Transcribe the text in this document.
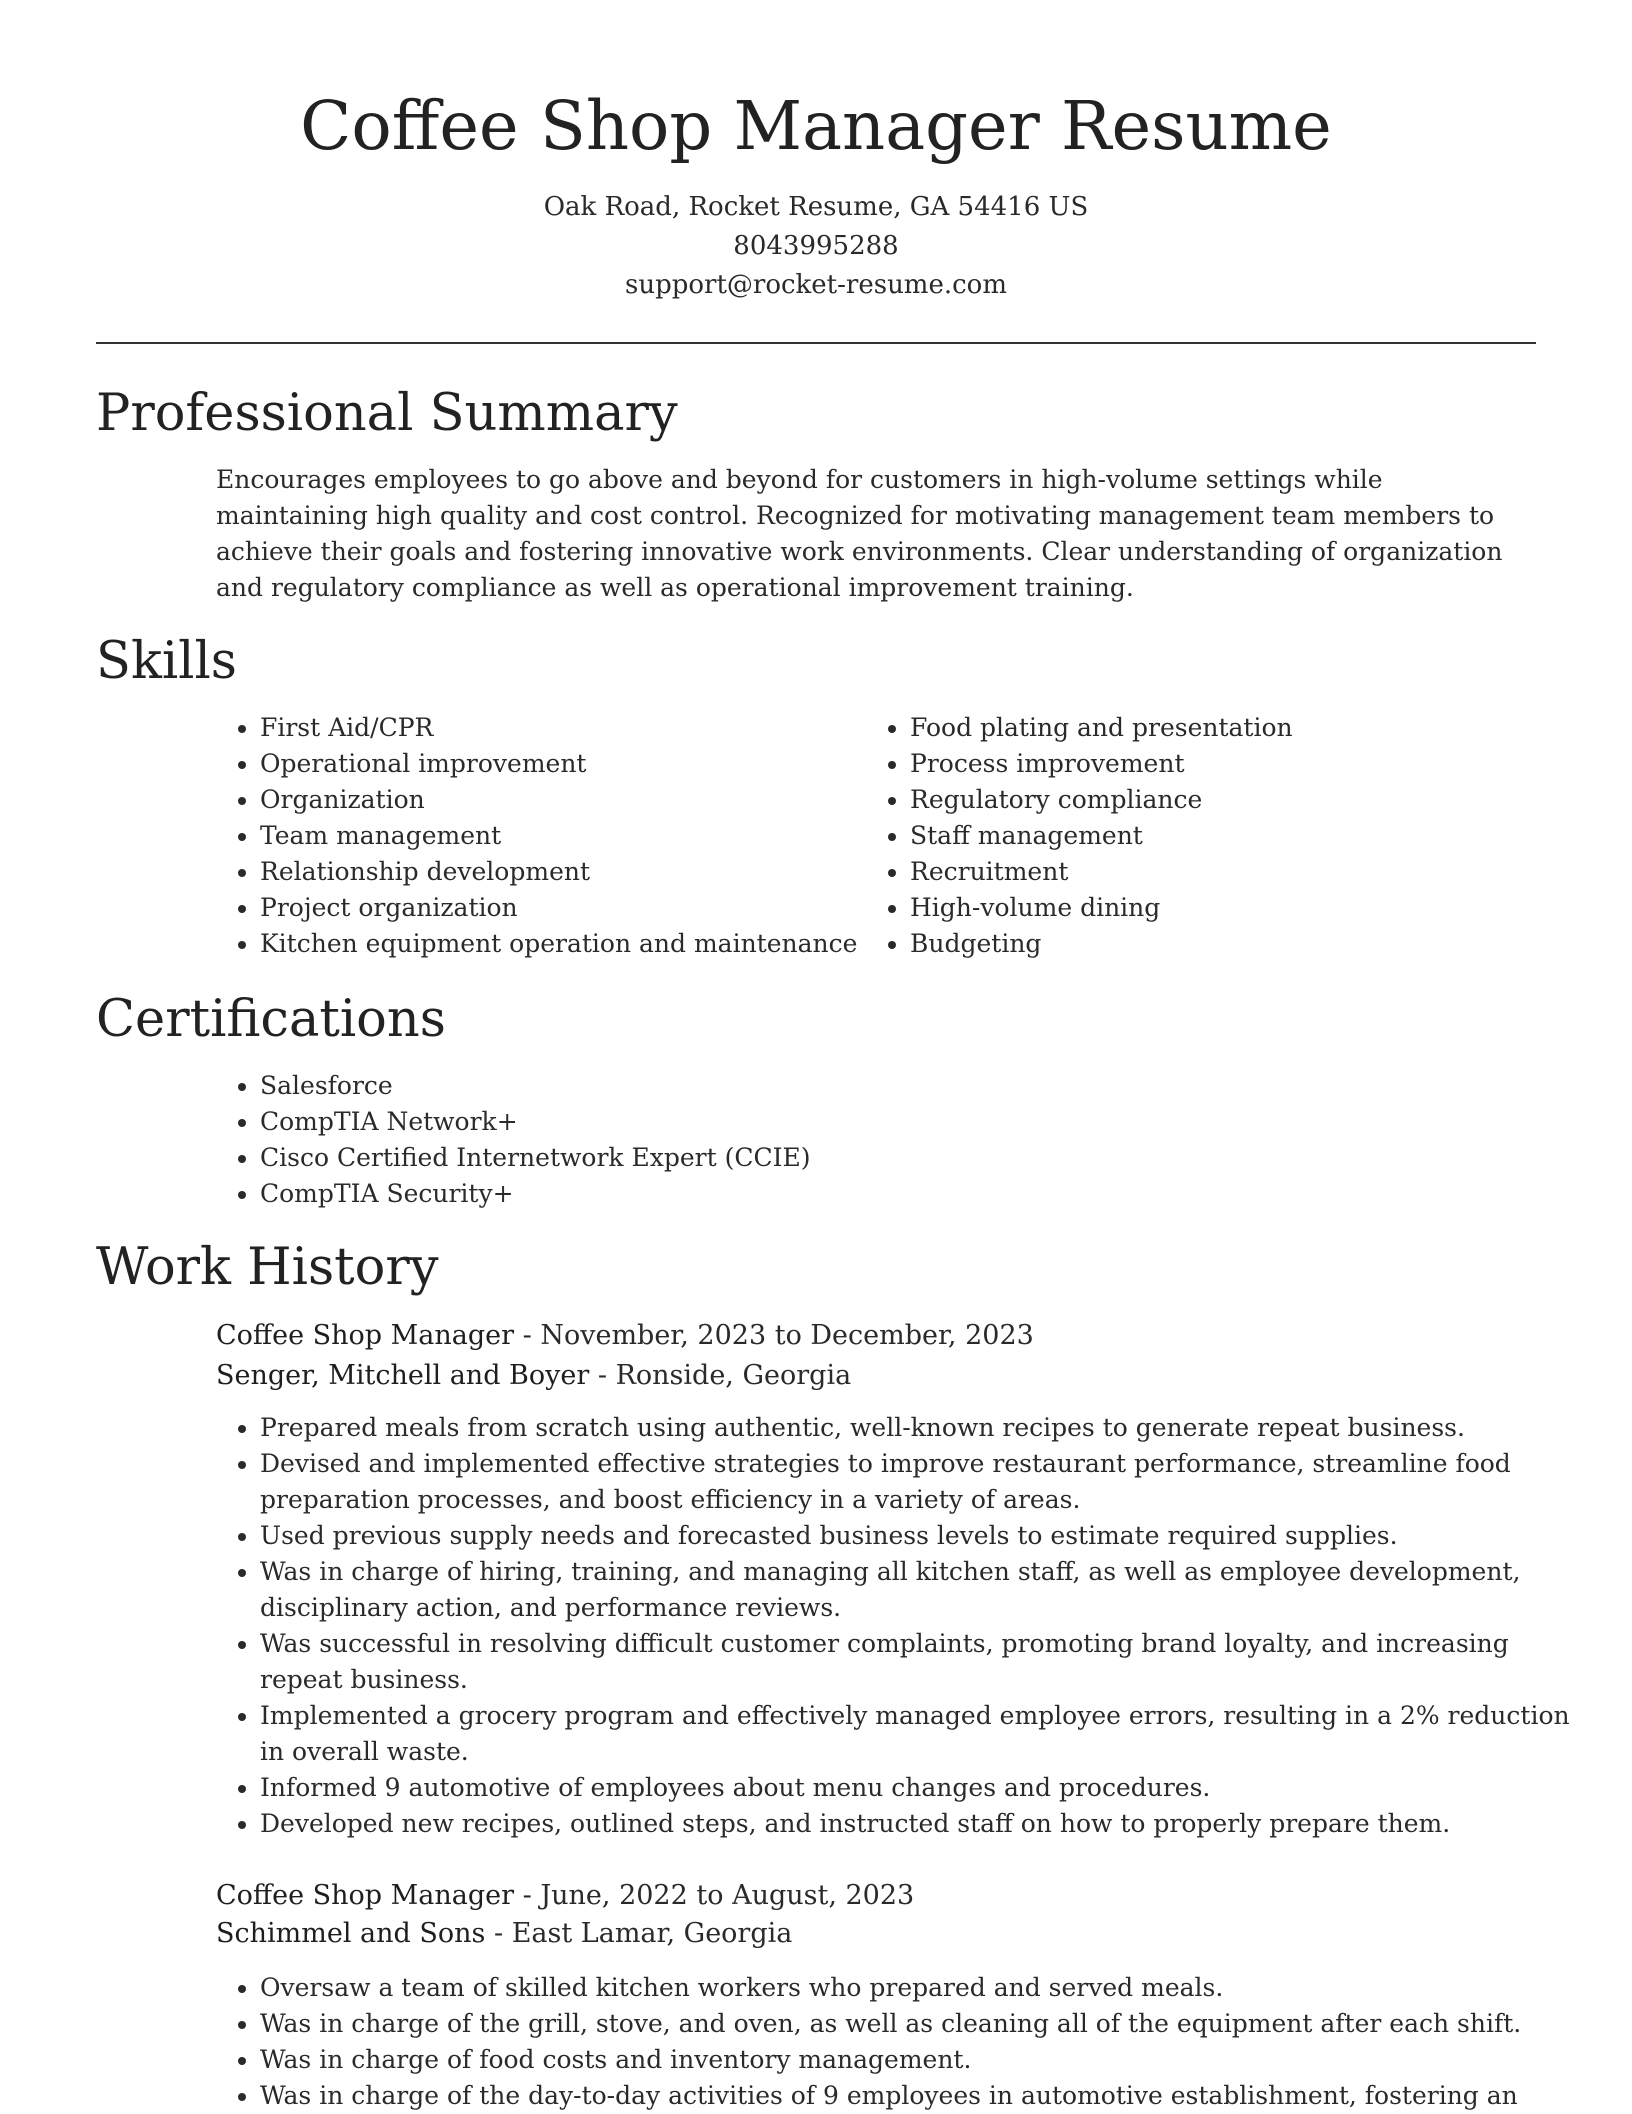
Coffee Shop Manager Resume
Oak Road, Rocket Resume, GA 54416 US
8043995288
support@rocket-resume.com
Professional Summary

Encourages employees to go above and beyond for customers in high-volume settings while maintaining high quality and cost control. Recognized for motivating management team members to achieve their goals and fostering innovative work environments. Clear understanding of organization and regulatory compliance as well as operational improvement training.

Skills
• First Aid/CPR
• Operational improvement
• Organization
• Team management
• Relationship development
• Project organization
• Kitchen equipment operation and maintenance
• Food plating and presentation
• Process improvement
• Regulatory compliance
• Staff management
• Recruitment
• High-volume dining
• Budgeting
Certifications
• Salesforce
• CompTIA Network+
• Cisco Certified Internetwork Expert (CCIE)
• CompTIA Security+
Work History
Coffee Shop Manager - November, 2023 to December, 2023
Senger, Mitchell and Boyer - Ronside, Georgia
• Prepared meals from scratch using authentic, well-known recipes to generate repeat business.
• Devised and implemented effective strategies to improve restaurant performance, streamline food preparation processes, and boost efficiency in a variety of areas.
• Used previous supply needs and forecasted business levels to estimate required supplies.
• Was in charge of hiring, training, and managing all kitchen staff, as well as employee development, disciplinary action, and performance reviews.
• Was successful in resolving difficult customer complaints, promoting brand loyalty, and increasing repeat business.
• Implemented a grocery program and effectively managed employee errors, resulting in a 2% reduction in overall waste.
• Informed 9 automotive of employees about menu changes and procedures.
• Developed new recipes, outlined steps, and instructed staff on how to properly prepare them.
Coffee Shop Manager - June, 2022 to August, 2023
Schimmel and Sons - East Lamar, Georgia
• Oversaw a team of skilled kitchen workers who prepared and served meals.
• Was in charge of the grill, stove, and oven, as well as cleaning all of the equipment after each shift.
• Was in charge of food costs and inventory management.
• Was in charge of the day-to-day activities of 9 employees in automotive establishment, fostering an
